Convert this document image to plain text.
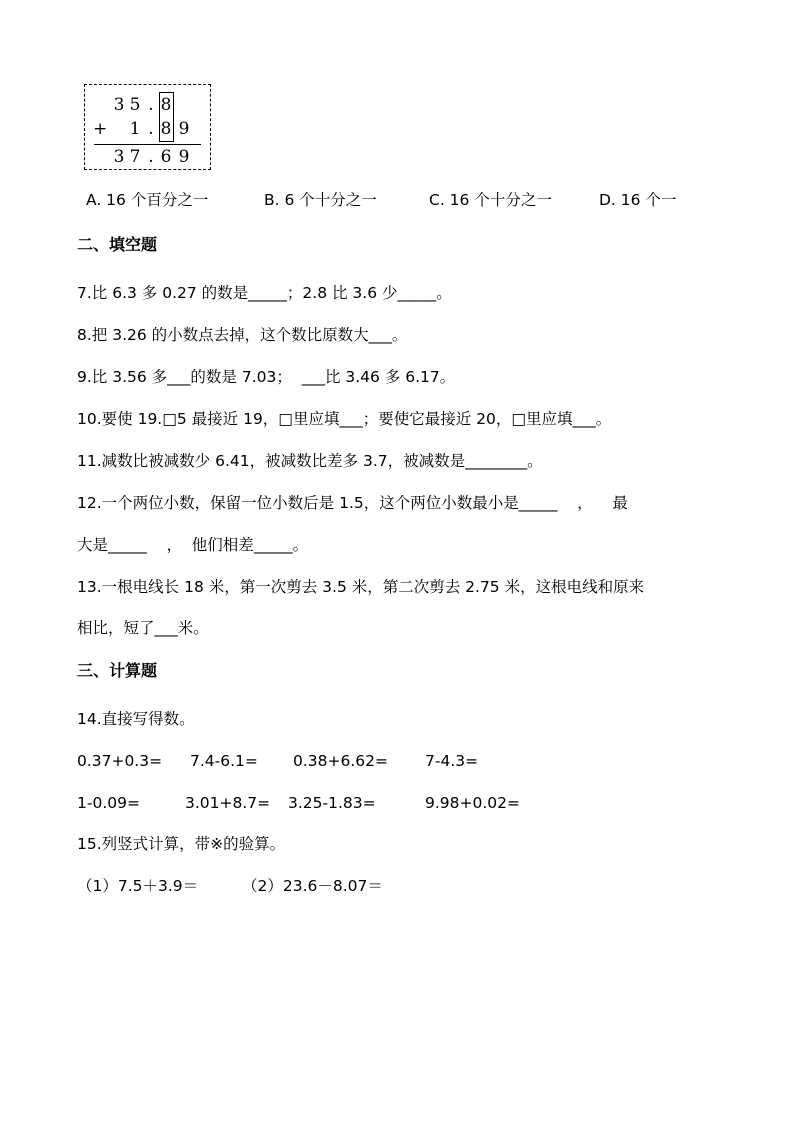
3 5 . 8
+ 1 . 8 9
3 7 . 6 9
A. 16 个百分之一	B. 6 个十分之一	C. 16 个十分之一	D. 16 个一
二、填空题
7.比 6.3 多 0.27 的数是_____；2.8 比 3.6 少_____。
8.把 3.26 的小数点去掉，这个数比原数大___。
9.比 3.56 多___的数是 7.03；  ___比 3.46 多 6.17。
10.要使 19.□5 最接近 19，□里应填___；要使它最接近 20，□里应填___。
11.减数比被减数少 6.41，被减数比差多 3.7，被减数是________。
12.一个两位小数，保留一位小数后是 1.5，这个两位小数最小是_____    ，    最
大是_____    ，  他们相差_____。
13.一根电线长 18 米，第一次剪去 3.5 米，第二次剪去 2.75 米，这根电线和原来
相比，短了___米。
三、计算题
14.直接写得数。
0.37+0.3= 7.4-6.1= 0.38+6.62= 7-4.3=
1-0.09=	3.01+8.7= 3.25-1.83=	9.98+0.02=
15.列竖式计算，带※的验算。
（1）7.5＋3.9＝	（2）23.6－8.07＝
